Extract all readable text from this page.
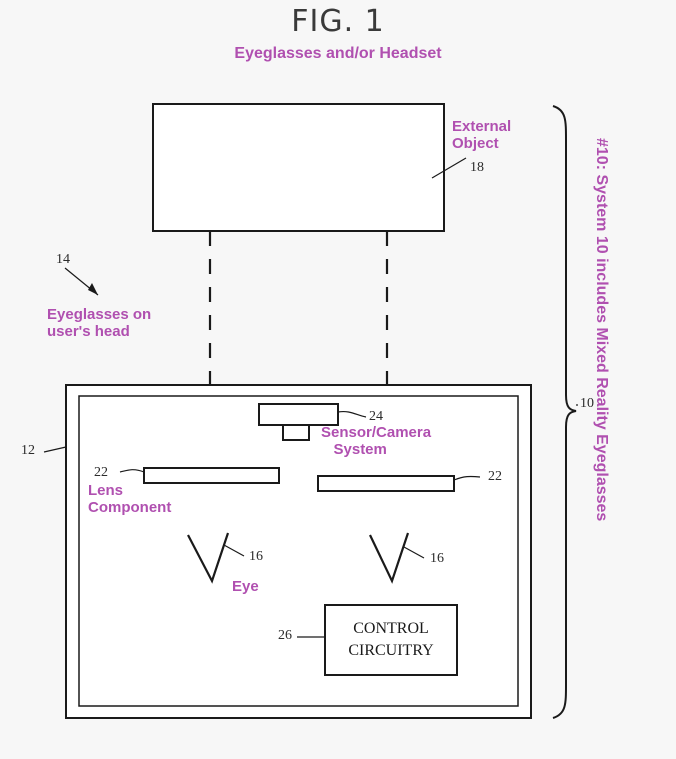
FIG. 1
Eyeglasses and/or Headset
External
Object
Eyeglasses on
user's head
Sensor/Camera
System
Lens
Component
Eye
18
14
12
24
22	22
16	16
26
10
CONTROL
CIRCUITRY
#10: System 10 includes Mixed Reality Eyeglasses
